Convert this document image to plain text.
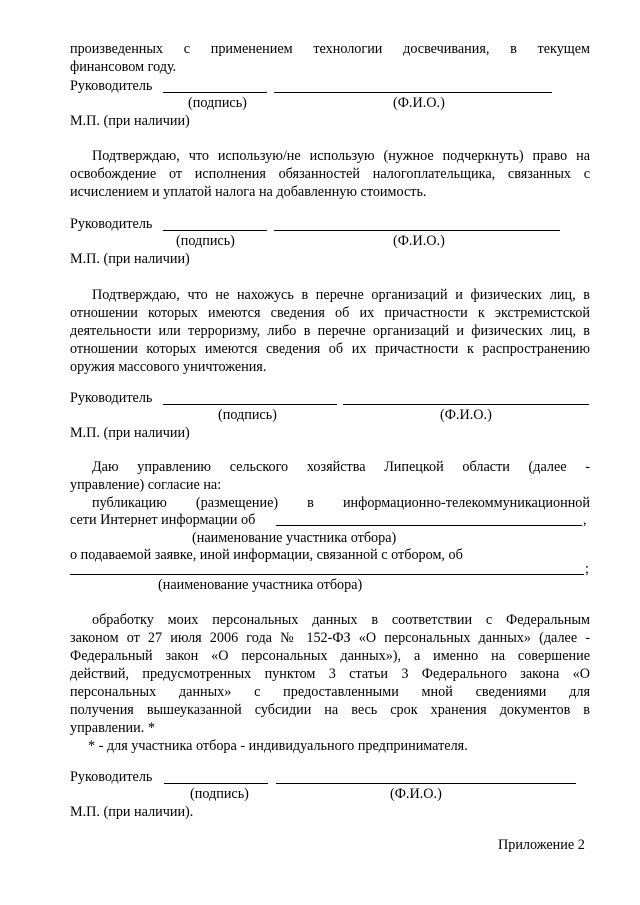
произведенных с применением технологии досвечивания, в текущем
финансовом году.
Руководитель
(подпись)	(Ф.И.О.)
М.П. (при наличии)
Подтверждаю, что использую/не использую (нужное подчеркнуть) право на
освобождение от исполнения обязанностей налогоплательщика, связанных с
исчислением и уплатой налога на добавленную стоимость.
Руководитель
(подпись)	(Ф.И.О.)
М.П. (при наличии)
Подтверждаю, что не нахожусь в перечне организаций и физических лиц, в
отношении которых имеются сведения об их причастности к экстремистской
деятельности или терроризму, либо в перечне организаций и физических лиц, в
отношении которых имеются сведения об их причастности к распространению
оружия массового уничтожения.
Руководитель
(подпись)	(Ф.И.О.)
М.П. (при наличии)
Даю управлению сельского хозяйства Липецкой области (далее -
управление) согласие на:
публикацию (размещение) в информационно-телекоммуникационной
сети Интернет информации об	,
(наименование участника отбора)
о подаваемой заявке, иной информации, связанной с отбором, об
;
(наименование участника отбора)
обработку моих персональных данных в соответствии с Федеральным
законом от 27 июля 2006 года № 152-ФЗ «О персональных данных» (далее -
Федеральный закон «О персональных данных»), а именно на совершение
действий, предусмотренных пунктом 3 статьи 3 Федерального закона «О
персональных данных» с предоставленными мной сведениями для
получения вышеуказанной субсидии на весь срок хранения документов в
управлении. *
* - для участника отбора - индивидуального предпринимателя.
Руководитель
(подпись)	(Ф.И.О.)
М.П. (при наличии).
Приложение 2
